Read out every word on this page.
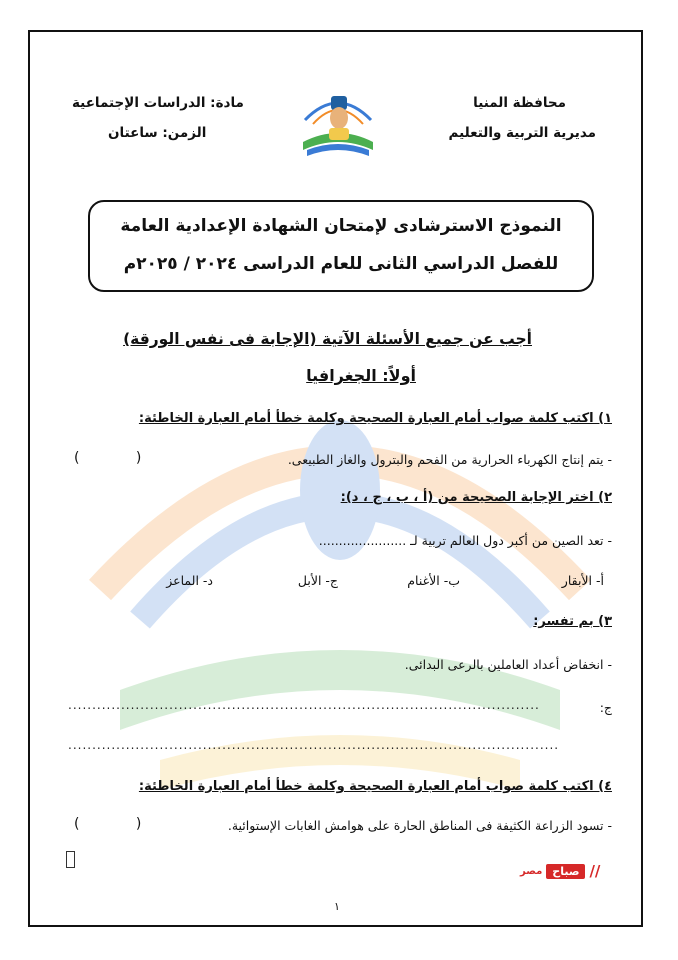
محافظة المنيا
مديرية التربية والتعليم
مادة: الدراسات الإجتماعية
الزمن: ساعتان
النموذج الاسترشادى لإمتحان الشهادة الإعدادية العامة
للفصل الدراسي الثانى للعام الدراسى ٢٠٢٤ / ٢٠٢٥م
أجب عن جميع الأسئلة الآتية (الإجابة فى نفس الورقة)
أولاً: الجغرافيا
١) اكتب كلمة صواب أمام العبارة الصحيحة وكلمة خطأ أمام العبارة الخاطئة:
- يتم إنتاج الكهرباء الحرارية من الفحم والبترول والغاز الطبيعى.
( )
٢) اختر الإجابة الصحيحة من (أ ، ب ، ج ، د):
- تعد الصين من أكبر دول العالم تربية لـ ......................
أ- الأبقار
ب- الأغنام
ج- الأبل
د- الماعز
٣) بم تفسر:
- انخفاض أعداد العاملين بالرعى البدائى.
ج:
..................................................................................................
......................................................................................................
٤) اكتب كلمة صواب أمام العبارة الصحيحة وكلمة خطأ أمام العبارة الخاطئة:
- تسود الزراعة الكثيفة فى المناطق الحارة على هوامش الغابات الإستوائية.
( )
مصر صباح //
١
